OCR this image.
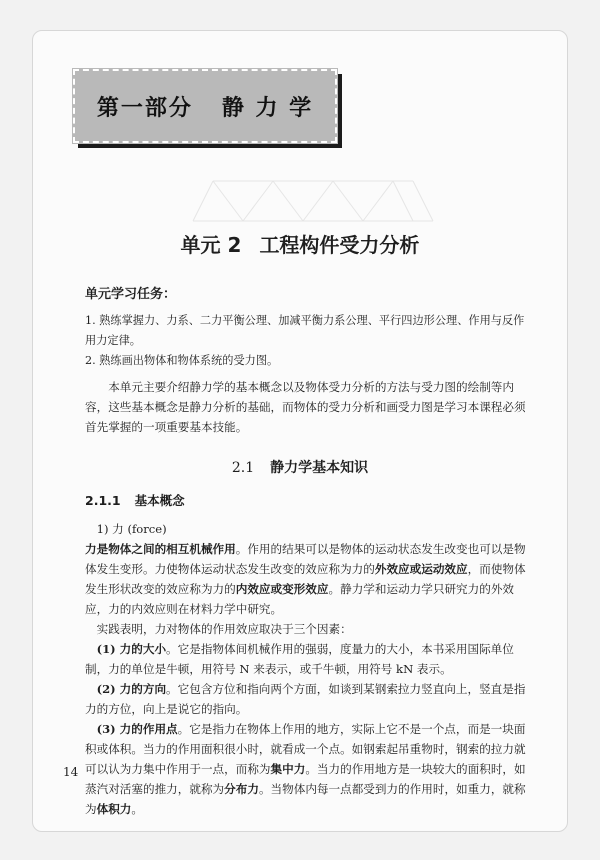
第一部分   静 力 学
单元 2 工程构件受力分析
单元学习任务：
1. 熟练掌握力、力系、二力平衡公理、加减平衡力系公理、平行四边形公理、作用与反作用力定律。
2. 熟练画出物体和物体系统的受力图。
本单元主要介绍静力学的基本概念以及物体受力分析的方法与受力图的绘制等内容，这些基本概念是静力分析的基础，而物体的受力分析和画受力图是学习本课程必须首先掌握的一项重要基本技能。
2.1 静力学基本知识
2.1.1 基本概念

1) 力 (force)

力是物体之间的相互机械作用。作用的结果可以是物体的运动状态发生改变也可以是物体发生变形。力使物体运动状态发生改变的效应称为力的外效应或运动效应，而使物体发生形状改变的效应称为力的内效应或变形效应。静力学和运动力学只研究力的外效应，力的内效应则在材料力学中研究。

实践表明，力对物体的作用效应取决于三个因素：

(1) 力的大小。它是指物体间机械作用的强弱，度量力的大小，本书采用国际单位制，力的单位是牛顿，用符号 N 来表示，或千牛顿，用符号 kN 表示。

(2) 力的方向。它包含方位和指向两个方面，如谈到某钢索拉力竖直向上，竖直是指力的方位，向上是说它的指向。

(3) 力的作用点。它是指力在物体上作用的地方，实际上它不是一个点，而是一块面积或体积。当力的作用面积很小时，就看成一个点。如钢索起吊重物时，钢索的拉力就可以认为力集中作用于一点，而称为集中力。当力的作用地方是一块较大的面积时，如蒸汽对活塞的推力，就称为分布力。当物体内每一点都受到力的作用时，如重力，就称为体积力。

14
